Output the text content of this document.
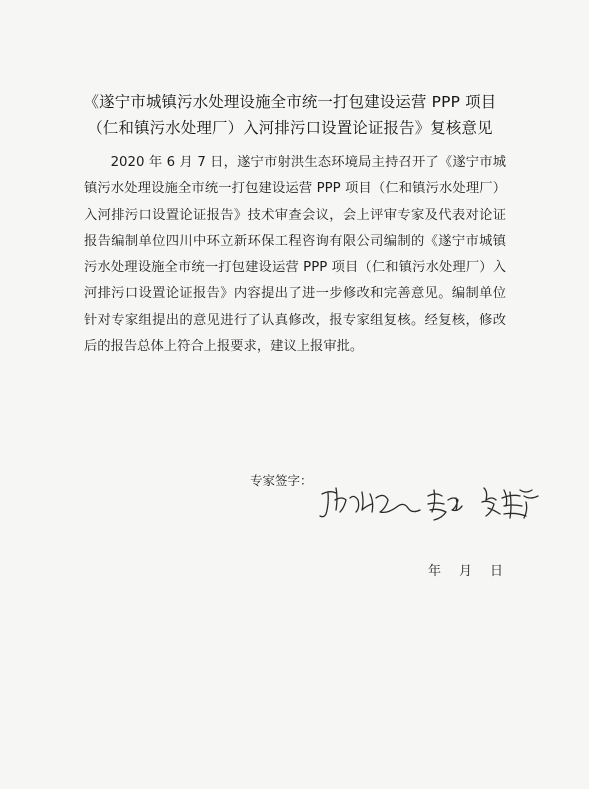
《遂宁市城镇污水处理设施全市统一打包建设运营 PPP 项目
（仁和镇污水处理厂）入河排污口设置论证报告》复核意见
2020 年 6 月 7 日，遂宁市射洪生态环境局主持召开了《遂宁市城镇污水处理设施全市统一打包建设运营 PPP 项目（仁和镇污水处理厂）入河排污口设置论证报告》技术审查会议，会上评审专家及代表对论证报告编制单位四川中环立新环保工程咨询有限公司编制的《遂宁市城镇污水处理设施全市统一打包建设运营 PPP 项目（仁和镇污水处理厂）入河排污口设置论证报告》内容提出了进一步修改和完善意见。编制单位针对专家组提出的意见进行了认真修改，报专家组复核。经复核，修改后的报告总体上符合上报要求，建议上报审批。
专家签字：
年 月 日
